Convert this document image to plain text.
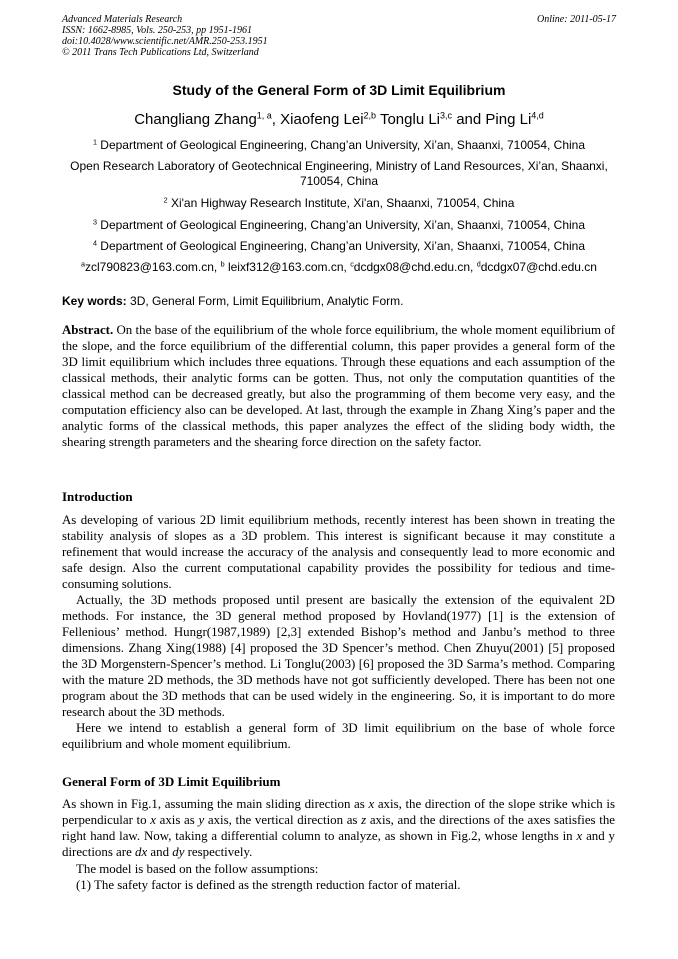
Advanced Materials Research
ISSN: 1662-8985, Vols. 250-253, pp 1951-1961
doi:10.4028/www.scientific.net/AMR.250-253.1951
© 2011 Trans Tech Publications Ltd, Switzerland
Online: 2011-05-17
Study of the General Form of 3D Limit Equilibrium
Changliang Zhang$^{1, a}$, Xiaofeng Lei$^{2,b}$ Tonglu Li$^{3,c}$ and Ping Li$^{4,d}$
$^1$ Department of Geological Engineering, Chang’an University, Xi’an, Shaanxi, 710054, China
Open Research Laboratory of Geotechnical Engineering, Ministry of Land Resources, Xi’an, Shaanxi, 710054, China
$^2$ Xi'an Highway Research Institute, Xi'an, Shaanxi, 710054, China
$^3$ Department of Geological Engineering, Chang’an University, Xi’an, Shaanxi, 710054, China
$^4$ Department of Geological Engineering, Chang’an University, Xi’an, Shaanxi, 710054, China
$^a$zcl790823@163.com.cn, $^b$ leixf312@163.com.cn, $^c$dcdgx08@chd.edu.cn, $^d$dcdgx07@chd.edu.cn
Key words: 3D, General Form, Limit Equilibrium, Analytic Form.

Abstract. On the base of the equilibrium of the whole force equilibrium, the whole moment equilibrium of the slope, and the force equilibrium of the differential column, this paper provides a general form of the 3D limit equilibrium which includes three equations. Through these equations and each assumption of the classical methods, their analytic forms can be gotten. Thus, not only the computation quantities of the classical method can be decreased greatly, but also the programming of them become very easy, and the computation efficiency also can be developed. At last, through the example in Zhang Xing’s paper and the analytic forms of the classical methods, this paper analyzes the effect of the sliding body width, the shearing strength parameters and the shearing force direction on the safety factor.

Introduction

As developing of various 2D limit equilibrium methods, recently interest has been shown in treating the stability analysis of slopes as a 3D problem. This interest is significant because it may constitute a refinement that would increase the accuracy of the analysis and consequently lead to more economic and safe design. Also the current computational capability provides the possibility for tedious and time-consuming solutions.

Actually, the 3D methods proposed until present are basically the extension of the equivalent 2D methods. For instance, the 3D general method proposed by Hovland(1977) [1] is the extension of Fellenious’ method. Hungr(1987,1989) [2,3] extended Bishop’s method and Janbu’s method to three dimensions. Zhang Xing(1988) [4] proposed the 3D Spencer’s method. Chen Zhuyu(2001) [5] proposed the 3D Morgenstern-Spencer’s method. Li Tonglu(2003) [6] proposed the 3D Sarma’s method. Comparing with the mature 2D methods, the 3D methods have not got sufficiently developed. There has been not one program about the 3D methods that can be used widely in the engineering. So, it is important to do more research about the 3D methods.

Here we intend to establish a general form of 3D limit equilibrium on the base of whole force equilibrium and whole moment equilibrium.

General Form of 3D Limit Equilibrium

As shown in Fig.1, assuming the main sliding direction as x axis, the direction of the slope strike which is perpendicular to x axis as y axis, the vertical direction as z axis, and the directions of the axes satisfies the right hand law. Now, taking a differential column to analyze, as shown in Fig.2, whose lengths in x and y directions are dx and dy respectively.

The model is based on the follow assumptions:

(1) The safety factor is defined as the strength reduction factor of material.
